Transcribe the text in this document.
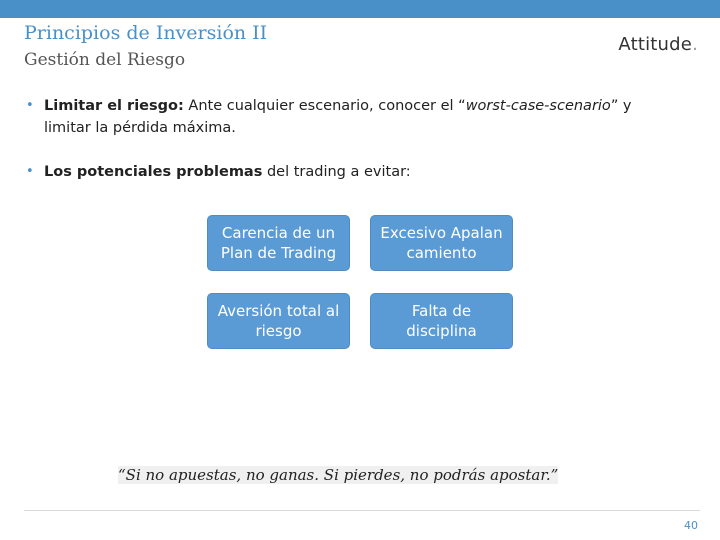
Principios de Inversión II
Gestión del Riesgo
Attitude.
• Limitar el riesgo: Ante cualquier escenario, conocer el “worst-case-scenario” y limitar la pérdida máxima.
• Los potenciales problemas del trading a evitar:
Carencia de un Plan de Trading
Excesivo Apalancamiento
Aversión total al riesgo
Falta de disciplina
“Si no apuestas, no ganas. Si pierdes, no podrás apostar.”
40
